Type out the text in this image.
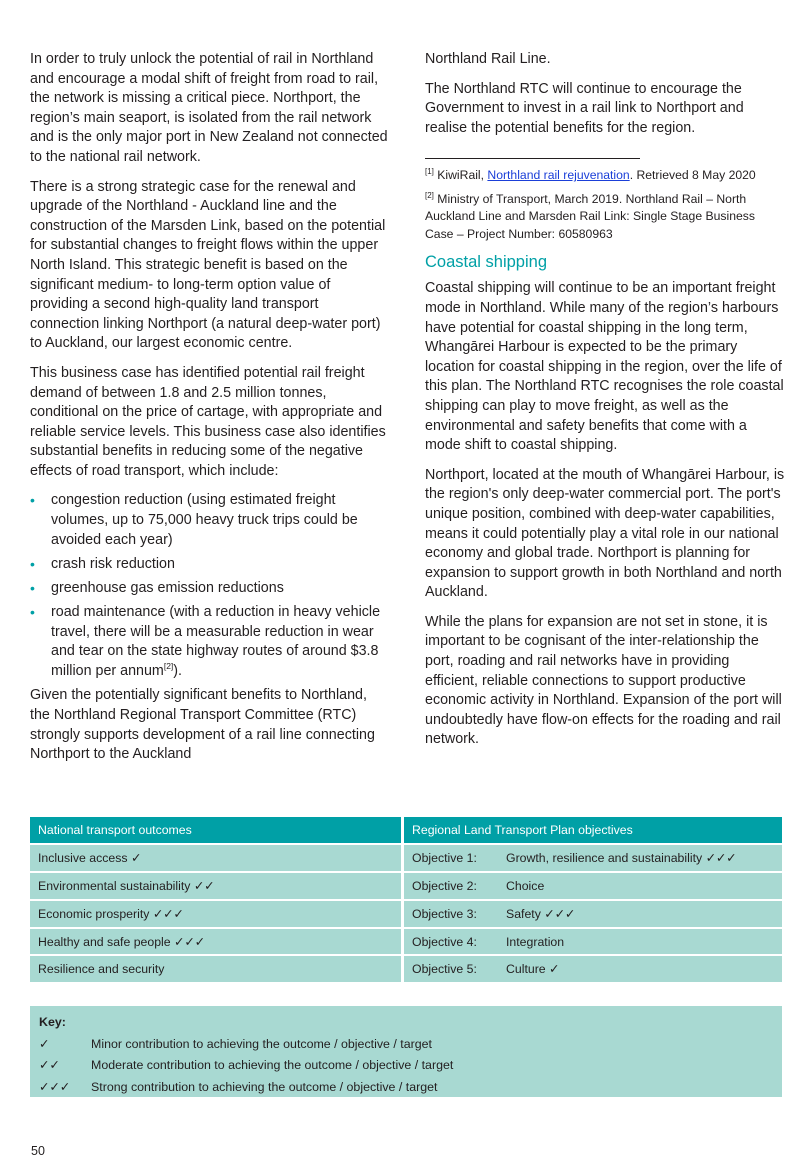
In order to truly unlock the potential of rail in Northland and encourage a modal shift of freight from road to rail, the network is missing a critical piece. Northport, the region’s main seaport, is isolated from the rail network and is the only major port in New Zealand not connected to the national rail network.

There is a strong strategic case for the renewal and upgrade of the Northland - Auckland line and the construction of the Marsden Link, based on the potential for substantial changes to freight flows within the upper North Island. This strategic benefit is based on the significant medium- to long-term option value of providing a second high-quality land transport connection linking Northport (a natural deep-water port) to Auckland, our largest economic centre.

This business case has identified potential rail freight demand of between 1.8 and 2.5 million tonnes, conditional on the price of cartage, with appropriate and reliable service levels. This business case also identifies substantial benefits in reducing some of the negative effects of road transport, which include:

• congestion reduction (using estimated freight volumes, up to 75,000 heavy truck trips could be avoided each year)
• crash risk reduction
• greenhouse gas emission reductions
• road maintenance (with a reduction in heavy vehicle travel, there will be a measurable reduction in wear and tear on the state highway routes of around $3.8 million per annum[2]).

Given the potentially significant benefits to Northland, the Northland Regional Transport Committee (RTC) strongly supports development of a rail line connecting Northport to the Auckland

Northland Rail Line.

The Northland RTC will continue to encourage the Government to invest in a rail link to Northport and realise the potential benefits for the region.

[1] KiwiRail, Northland rail rejuvenation. Retrieved 8 May 2020
[2] Ministry of Transport, March 2019. Northland Rail – North Auckland Line and Marsden Rail Link: Single Stage Business Case – Project Number: 60580963
Coastal shipping

Coastal shipping will continue to be an important freight mode in Northland. While many of the region’s harbours have potential for coastal shipping in the long term, Whangārei Harbour is expected to be the primary location for coastal shipping in the region, over the life of this plan. The Northland RTC recognises the role coastal shipping can play to move freight, as well as the environmental and safety benefits that come with a mode shift to coastal shipping.

Northport, located at the mouth of Whangārei Harbour, is the region's only deep-water commercial port. The port's unique position, combined with deep-water capabilities, means it could potentially play a vital role in our national economy and global trade. Northport is planning for expansion to support growth in both Northland and north Auckland.

While the plans for expansion are not set in stone, it is important to be cognisant of the inter-relationship the port, roading and rail networks have in providing efficient, reliable connections to support productive economic activity in Northland. Expansion of the port will undoubtedly have flow-on effects for the roading and rail network.

National transport outcomes	Regional Land Transport Plan objectives
Inclusive access ✓	Objective 1: Growth, resilience and sustainability ✓✓✓
Environmental sustainability ✓✓	Objective 2: Choice
Economic prosperity ✓✓✓	Objective 3: Safety ✓✓✓
Healthy and safe people ✓✓✓	Objective 4: Integration
Resilience and security	Objective 5: Culture ✓
Key:
✓	Minor contribution to achieving the outcome / objective / target
✓✓	Moderate contribution to achieving the outcome / objective / target
✓✓✓	Strong contribution to achieving the outcome / objective / target
50
